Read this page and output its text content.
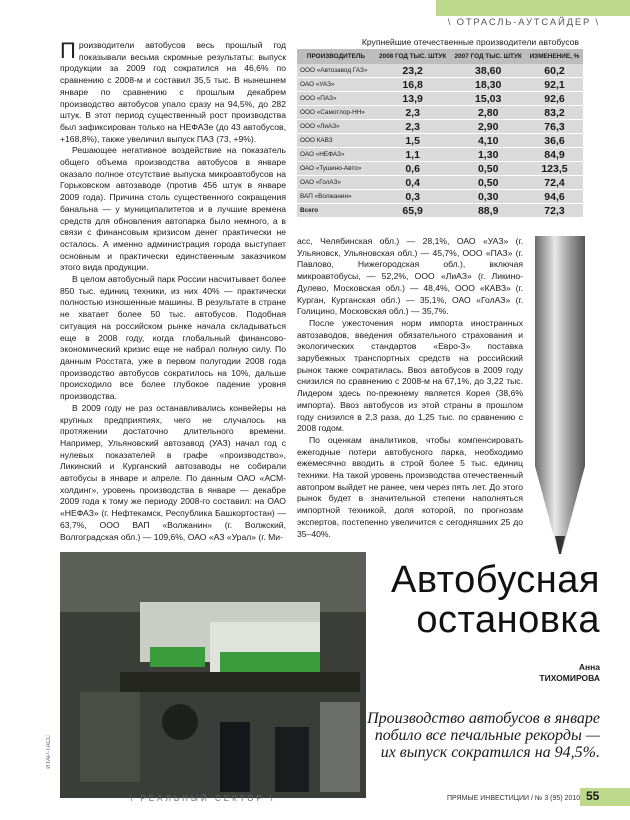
\ ОТРАСЛЬ-АУТСАЙДЕР \

Производители автобусов весь прошлый год показывали весьма скромные результаты: выпуск продукции за 2009 год сократился на 46,6% по сравнению с 2008-м и составил 35,5 тыс. В нынешнем январе по сравнению с прошлым декабрем производство автобусов упало сразу на 94,5%, до 282 штук. В этот период существенный рост производства был зафиксирован только на НЕФАЗе (до 43 автобусов, +168,8%), также увеличил выпуск ПАЗ (73, +9%).

Решающее негативное воздействие на показатель общего объема производства автобусов в январе оказало полное отсутствие выпуска микроавтобусов на Горьковском автозаводе (против 456 штук в январе 2009 года). Причина столь существенного сокращения банальна — у муниципалитетов и в лучшие времена средств для обновления автопарка было немного, а в связи с финансовым кризисом денег практически не осталось. А именно администрация города выступает основным и практически единственным заказчиком этого вида продукции.

В целом автобусный парк России насчитывает более 850 тыс. единиц техники, из них 40% — практически полностью изношенные машины. В результате в стране не хватает более 50 тыс. автобусов. Подобная ситуация на российском рынке начала складываться еще в 2008 году, когда глобальный финансово-экономический кризис еще не набрал полную силу. По данным Росстата, уже в первом полугодии 2008 года производство автобусов сократилось на 10%, дальше происходило все более глубокое падение уровня производства.

В 2009 году не раз останавливались конвейеры на крупных предприятиях, чего не случалось на протяжении достаточно длительного времени. Например, Ульяновский автозавод (УАЗ) начал год с нулевых показателей в графе «производство», Ликинский и Курганский автозаводы не собирали автобусы в январе и апреле. По данным ОАО «АСМ-холдинг», уровень производства в январе — декабре 2009 года к тому же периоду 2008-го составил: на ОАО «НЕФАЗ» (г. Нефтекамск, Республика Башкортостан) — 63,7%, ООО ВАП «Волжанин» (г. Волжский, Волгоградская обл.) — 109,6%, ОАО «АЗ «Урал» (г. Ми-

Крупнейшие отечественные производители автобусов
ПРОИЗВОДИТЕЛЬ	2008 ГОД ТЫС. ШТУК	2007 ГОД ТЫС. ШТУК	ИЗМЕНЕНИЕ, %
ООО «Автозавод ГАЗ»	23,2	38,60	60,2
ОАО «УАЗ»	16,8	18,30	92,1
ООО «ПАЗ»	13,9	15,03	92,6
ООО «Самотлор-НН»	2,3	2,80	83,2
ООО «ЛиАЗ»	2,3	2,90	76,3
ООО КАВЗ	1,5	4,10	36,6
ОАО «НЕФАЗ»	1,1	1,30	84,9
ОАО «Тушино-Авто»	0,6	0,50	123,5
ОАО «ГолАЗ»	0,4	0,50	72,4
ВАП «Волжанин»	0,3	0,30	94,6
Всего	65,9	88,9	72,3

асс, Челябинская обл.) — 28,1%, ОАО «УАЗ» (г. Ульяновск, Ульяновская обл.) — 45,7%, ООО «ПАЗ» (г. Павлово, Нижегородская обл.), включая микроавтобусы, — 52,2%, ООО «ЛиАЗ» (г. Ликино-Дулево, Московская обл.) — 48,4%, ООО «КАВЗ» (г. Курган, Курганская обл.) — 35,1%, ОАО «ГолАЗ» (г. Голицино, Московская обл.) — 35,7%.

После ужесточения норм импорта иностранных автозаводов, введения обязательного страхования и экологических стандартов «Евро-3» поставка зарубежных транспортных средств на российский рынок также сократилась. Ввоз автобусов в 2009 году снизился по сравнению с 2008-м на 67,1%, до 3,22 тыс. Лидером здесь по-прежнему является Корея (38,6% импорта). Ввоз автобусов из этой страны в прошлом году снизился в 2,3 раза, до 1,25 тыс. по сравнению с 2008 годом.

По оценкам аналитиков, чтобы компенсировать ежегодные потери автобусного парка, необходимо ежемесячно вводить в строй более 5 тыс. единиц техники. На такой уровень производства отечественный автопром выйдет не ранее, чем через пять лет. До этого рынок будет в значительной степени наполняться импортной техникой, доля которой, по прогнозам экспертов, постепенно увеличится с сегодняшних 25 до 35–40%.

ИТАР-ТАСС
Автобусная
остановка
Анна
ТИХОМИРОВА
Производство автобусов в январе побило все печальные рекорды — их выпуск сократился на 94,5%.
\ РЕАЛЬНЫЙ СЕКТОР \	ПРЯМЫЕ ИНВЕСТИЦИИ / № 3 (95) 2010 55
